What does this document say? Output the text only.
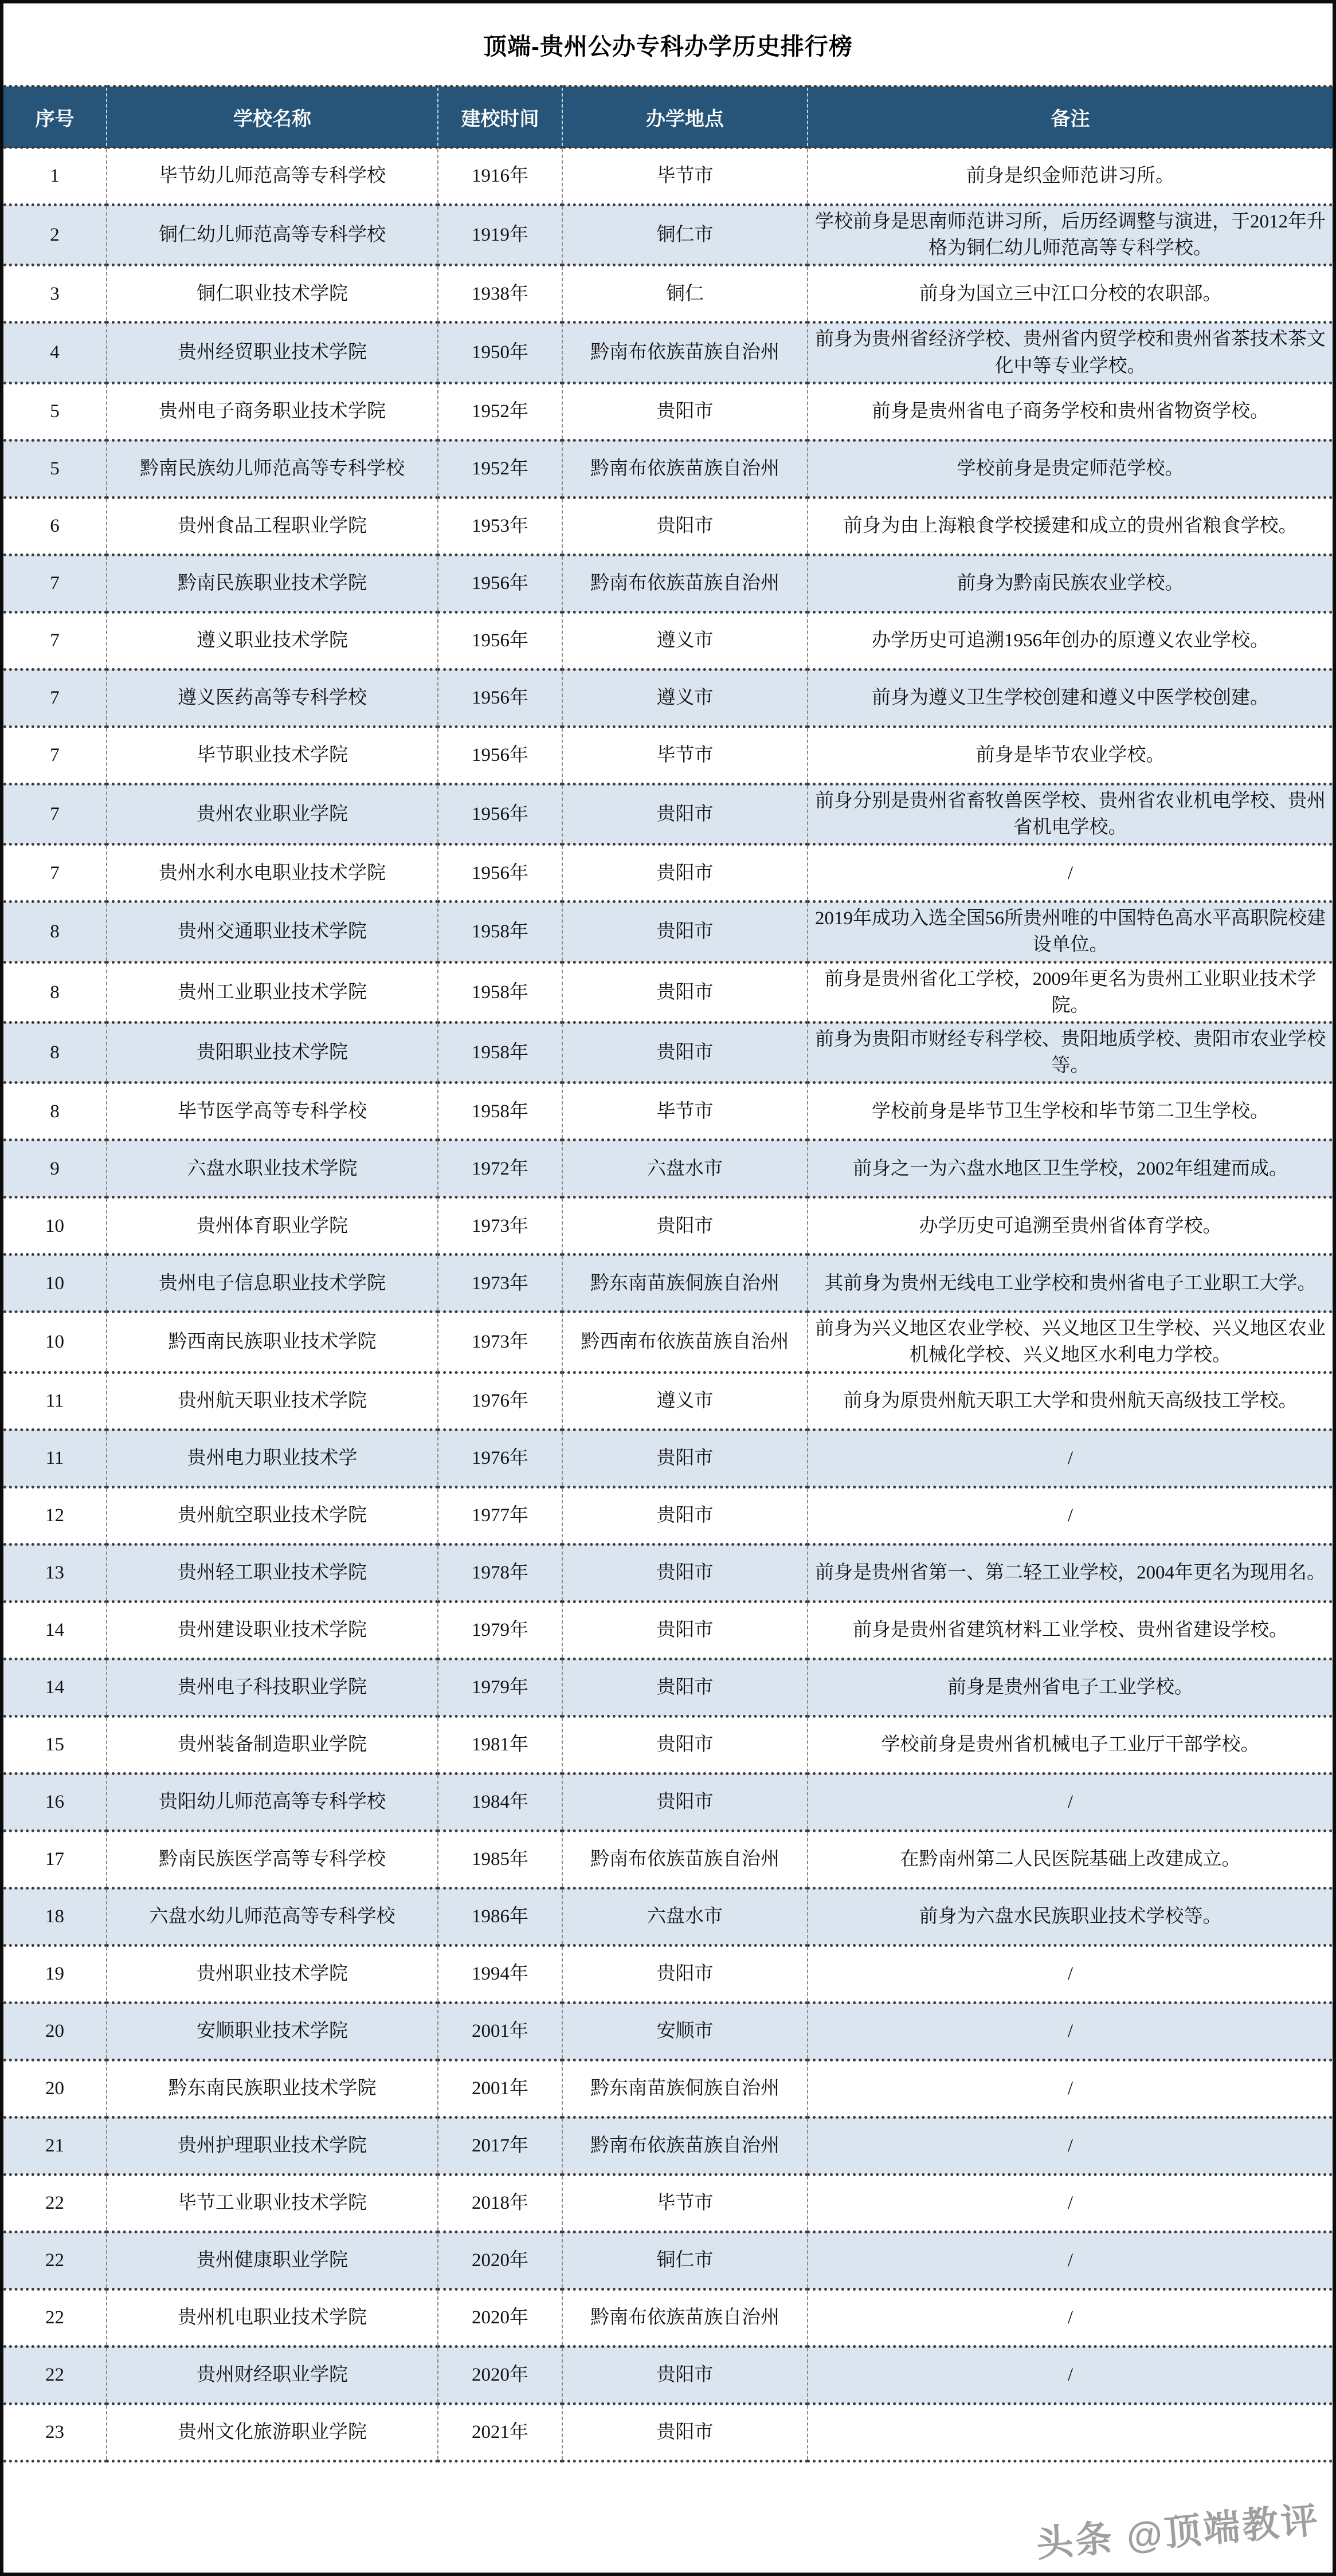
顶端-贵州公办专科办学历史排行榜
序号	学校名称	建校时间	办学地点	备注
1	毕节幼儿师范高等专科学校	1916年	毕节市	前身是织金师范讲习所。
2	铜仁幼儿师范高等专科学校	1919年	铜仁市	学校前身是思南师范讲习所，后历经调整与演进，于2012年升格为铜仁幼儿师范高等专科学校。
3	铜仁职业技术学院	1938年	铜仁	前身为国立三中江口分校的农职部。
4	贵州经贸职业技术学院	1950年	黔南布依族苗族自治州	前身为贵州省经济学校、贵州省内贸学校和贵州省茶技术茶文化中等专业学校。
5	贵州电子商务职业技术学院	1952年	贵阳市	前身是贵州省电子商务学校和贵州省物资学校。
5	黔南民族幼儿师范高等专科学校	1952年	黔南布依族苗族自治州	学校前身是贵定师范学校。
6	贵州食品工程职业学院	1953年	贵阳市	前身为由上海粮食学校援建和成立的贵州省粮食学校。
7	黔南民族职业技术学院	1956年	黔南布依族苗族自治州	前身为黔南民族农业学校。
7	遵义职业技术学院	1956年	遵义市	办学历史可追溯1956年创办的原遵义农业学校。
7	遵义医药高等专科学校	1956年	遵义市	前身为遵义卫生学校创建和遵义中医学校创建。
7	毕节职业技术学院	1956年	毕节市	前身是毕节农业学校。
7	贵州农业职业学院	1956年	贵阳市	前身分别是贵州省畜牧兽医学校、贵州省农业机电学校、贵州省机电学校。
7	贵州水利水电职业技术学院	1956年	贵阳市	/
8	贵州交通职业技术学院	1958年	贵阳市	2019年成功入选全国56所贵州唯的中国特色高水平高职院校建设单位。
8	贵州工业职业技术学院	1958年	贵阳市	前身是贵州省化工学校，2009年更名为贵州工业职业技术学院。
8	贵阳职业技术学院	1958年	贵阳市	前身为贵阳市财经专科学校、贵阳地质学校、贵阳市农业学校等。
8	毕节医学高等专科学校	1958年	毕节市	学校前身是毕节卫生学校和毕节第二卫生学校。
9	六盘水职业技术学院	1972年	六盘水市	前身之一为六盘水地区卫生学校，2002年组建而成。
10	贵州体育职业学院	1973年	贵阳市	办学历史可追溯至贵州省体育学校。
10	贵州电子信息职业技术学院	1973年	黔东南苗族侗族自治州	其前身为贵州无线电工业学校和贵州省电子工业职工大学。
10	黔西南民族职业技术学院	1973年	黔西南布依族苗族自治州	前身为兴义地区农业学校、兴义地区卫生学校、兴义地区农业机械化学校、兴义地区水利电力学校。
11	贵州航天职业技术学院	1976年	遵义市	前身为原贵州航天职工大学和贵州航天高级技工学校。
11	贵州电力职业技术学	1976年	贵阳市	/
12	贵州航空职业技术学院	1977年	贵阳市	/
13	贵州轻工职业技术学院	1978年	贵阳市	前身是贵州省第一、第二轻工业学校，2004年更名为现用名。
14	贵州建设职业技术学院	1979年	贵阳市	前身是贵州省建筑材料工业学校、贵州省建设学校。
14	贵州电子科技职业学院	1979年	贵阳市	前身是贵州省电子工业学校。
15	贵州装备制造职业学院	1981年	贵阳市	学校前身是贵州省机械电子工业厅干部学校。
16	贵阳幼儿师范高等专科学校	1984年	贵阳市	/
17	黔南民族医学高等专科学校	1985年	黔南布依族苗族自治州	在黔南州第二人民医院基础上改建成立。
18	六盘水幼儿师范高等专科学校	1986年	六盘水市	前身为六盘水民族职业技术学校等。
19	贵州职业技术学院	1994年	贵阳市	/
20	安顺职业技术学院	2001年	安顺市	/
20	黔东南民族职业技术学院	2001年	黔东南苗族侗族自治州	/
21	贵州护理职业技术学院	2017年	黔南布依族苗族自治州	/
22	毕节工业职业技术学院	2018年	毕节市	/
22	贵州健康职业学院	2020年	铜仁市	/
22	贵州机电职业技术学院	2020年	黔南布依族苗族自治州	/
22	贵州财经职业学院	2020年	贵阳市	/
23	贵州文化旅游职业学院	2021年	贵阳市	
头条 @顶端教评
